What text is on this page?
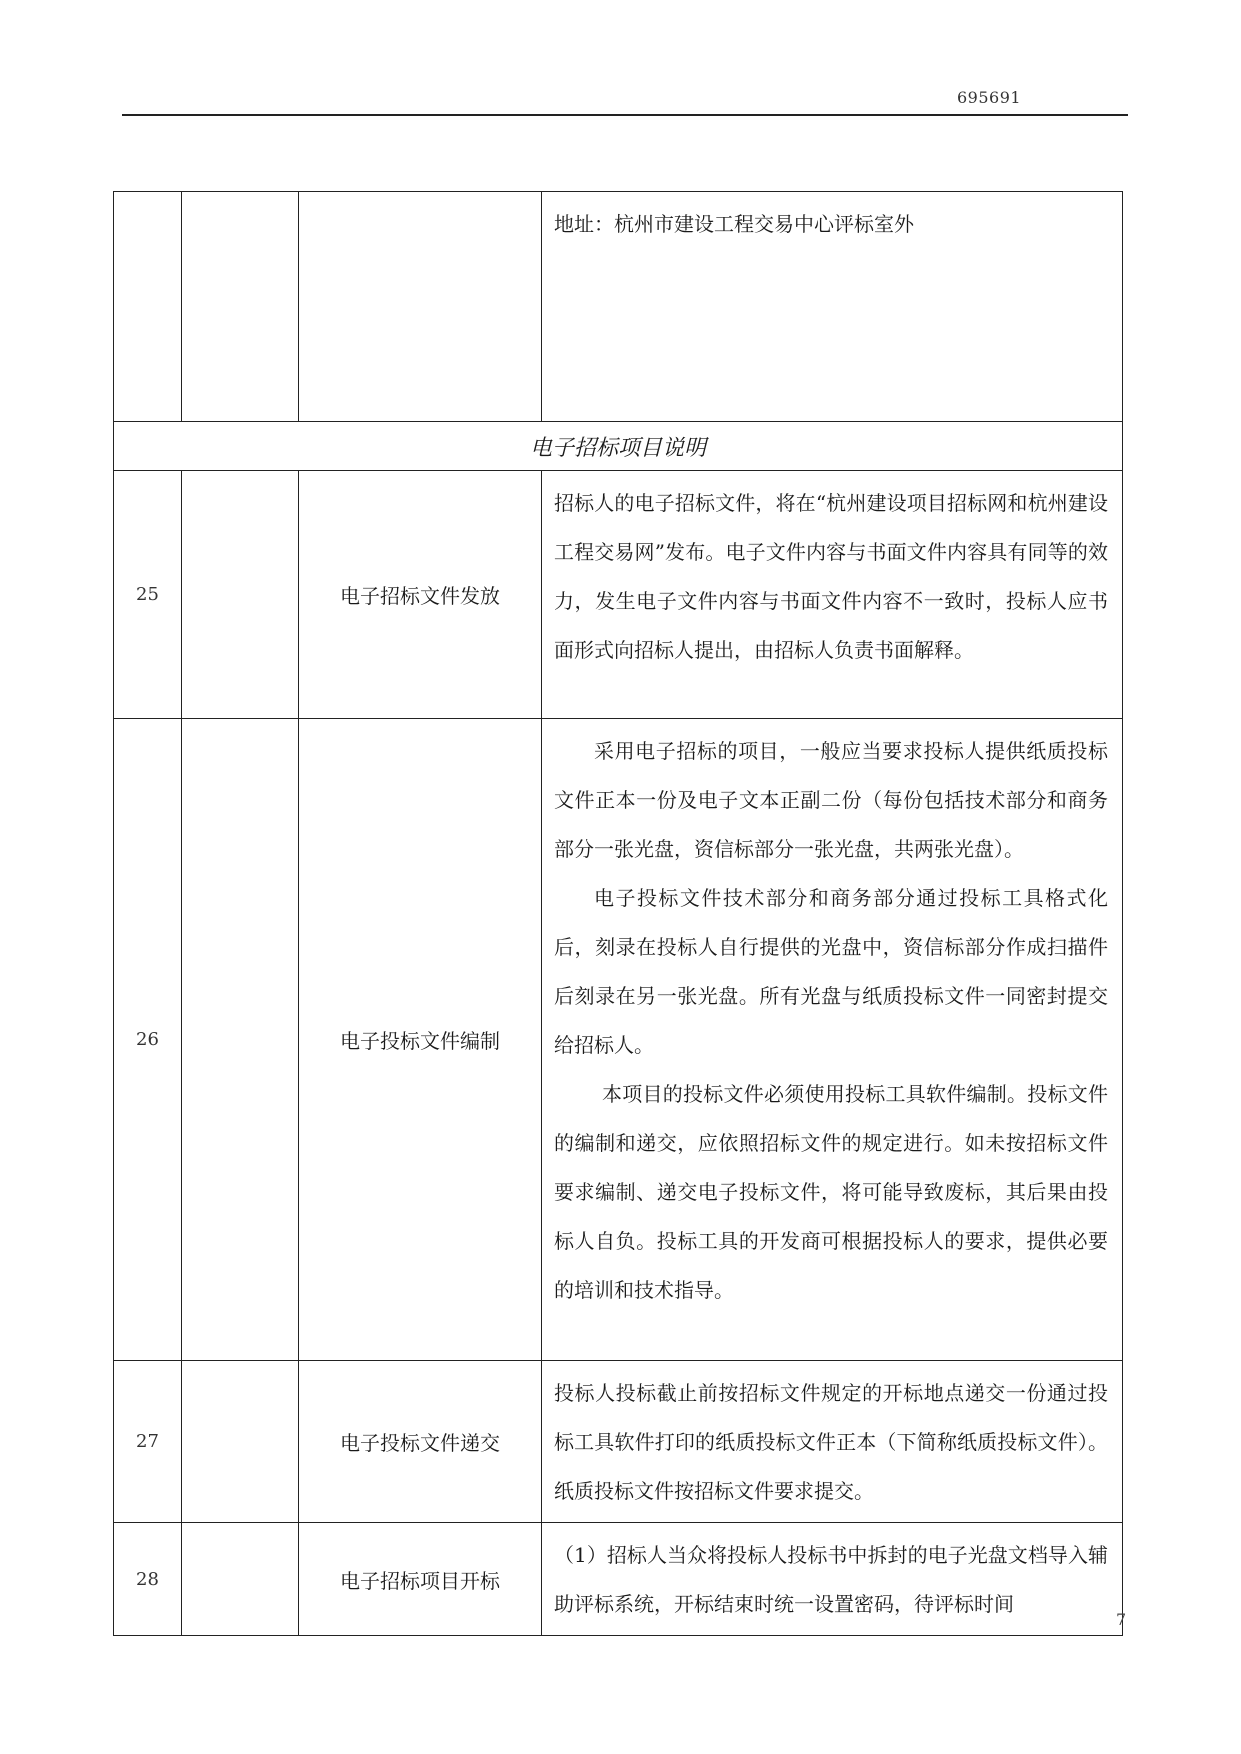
695691

			地址：杭州市建设工程交易中心评标室外

电子招标项目说明			
25		电子招标文件发放	招标人的电子招标文件，将在“杭州建设项目招标网和杭州建设工程交易网”发布。电子文件内容与书面文件内容具有同等的效力，发生电子文件内容与书面文件内容不一致时，投标人应书面形式向招标人提出，由招标人负责书面解释。

26		电子投标文件编制	采用电子招标的项目，一般应当要求投标人提供纸质投标文件正本一份及电子文本正副二份（每份包括技术部分和商务部分一张光盘，资信标部分一张光盘，共两张光盘）。

电子投标文件技术部分和商务部分通过投标工具格式化后，刻录在投标人自行提供的光盘中，资信标部分作成扫描件后刻录在另一张光盘。所有光盘与纸质投标文件一同密封提交给招标人。

本项目的投标文件必须使用投标工具软件编制。投标文件的编制和递交，应依照招标文件的规定进行。如未按招标文件要求编制、递交电子投标文件，将可能导致废标，其后果由投标人自负。投标工具的开发商可根据投标人的要求，提供必要的培训和技术指导。

27		电子投标文件递交	投标人投标截止前按招标文件规定的开标地点递交一份通过投标工具软件打印的纸质投标文件正本（下简称纸质投标文件）。纸质投标文件按招标文件要求提交。

28		电子招标项目开标	（1）招标人当众将投标人投标书中拆封的电子光盘文档导入辅助评标系统，开标结束时统一设置密码，待评标时间

7
